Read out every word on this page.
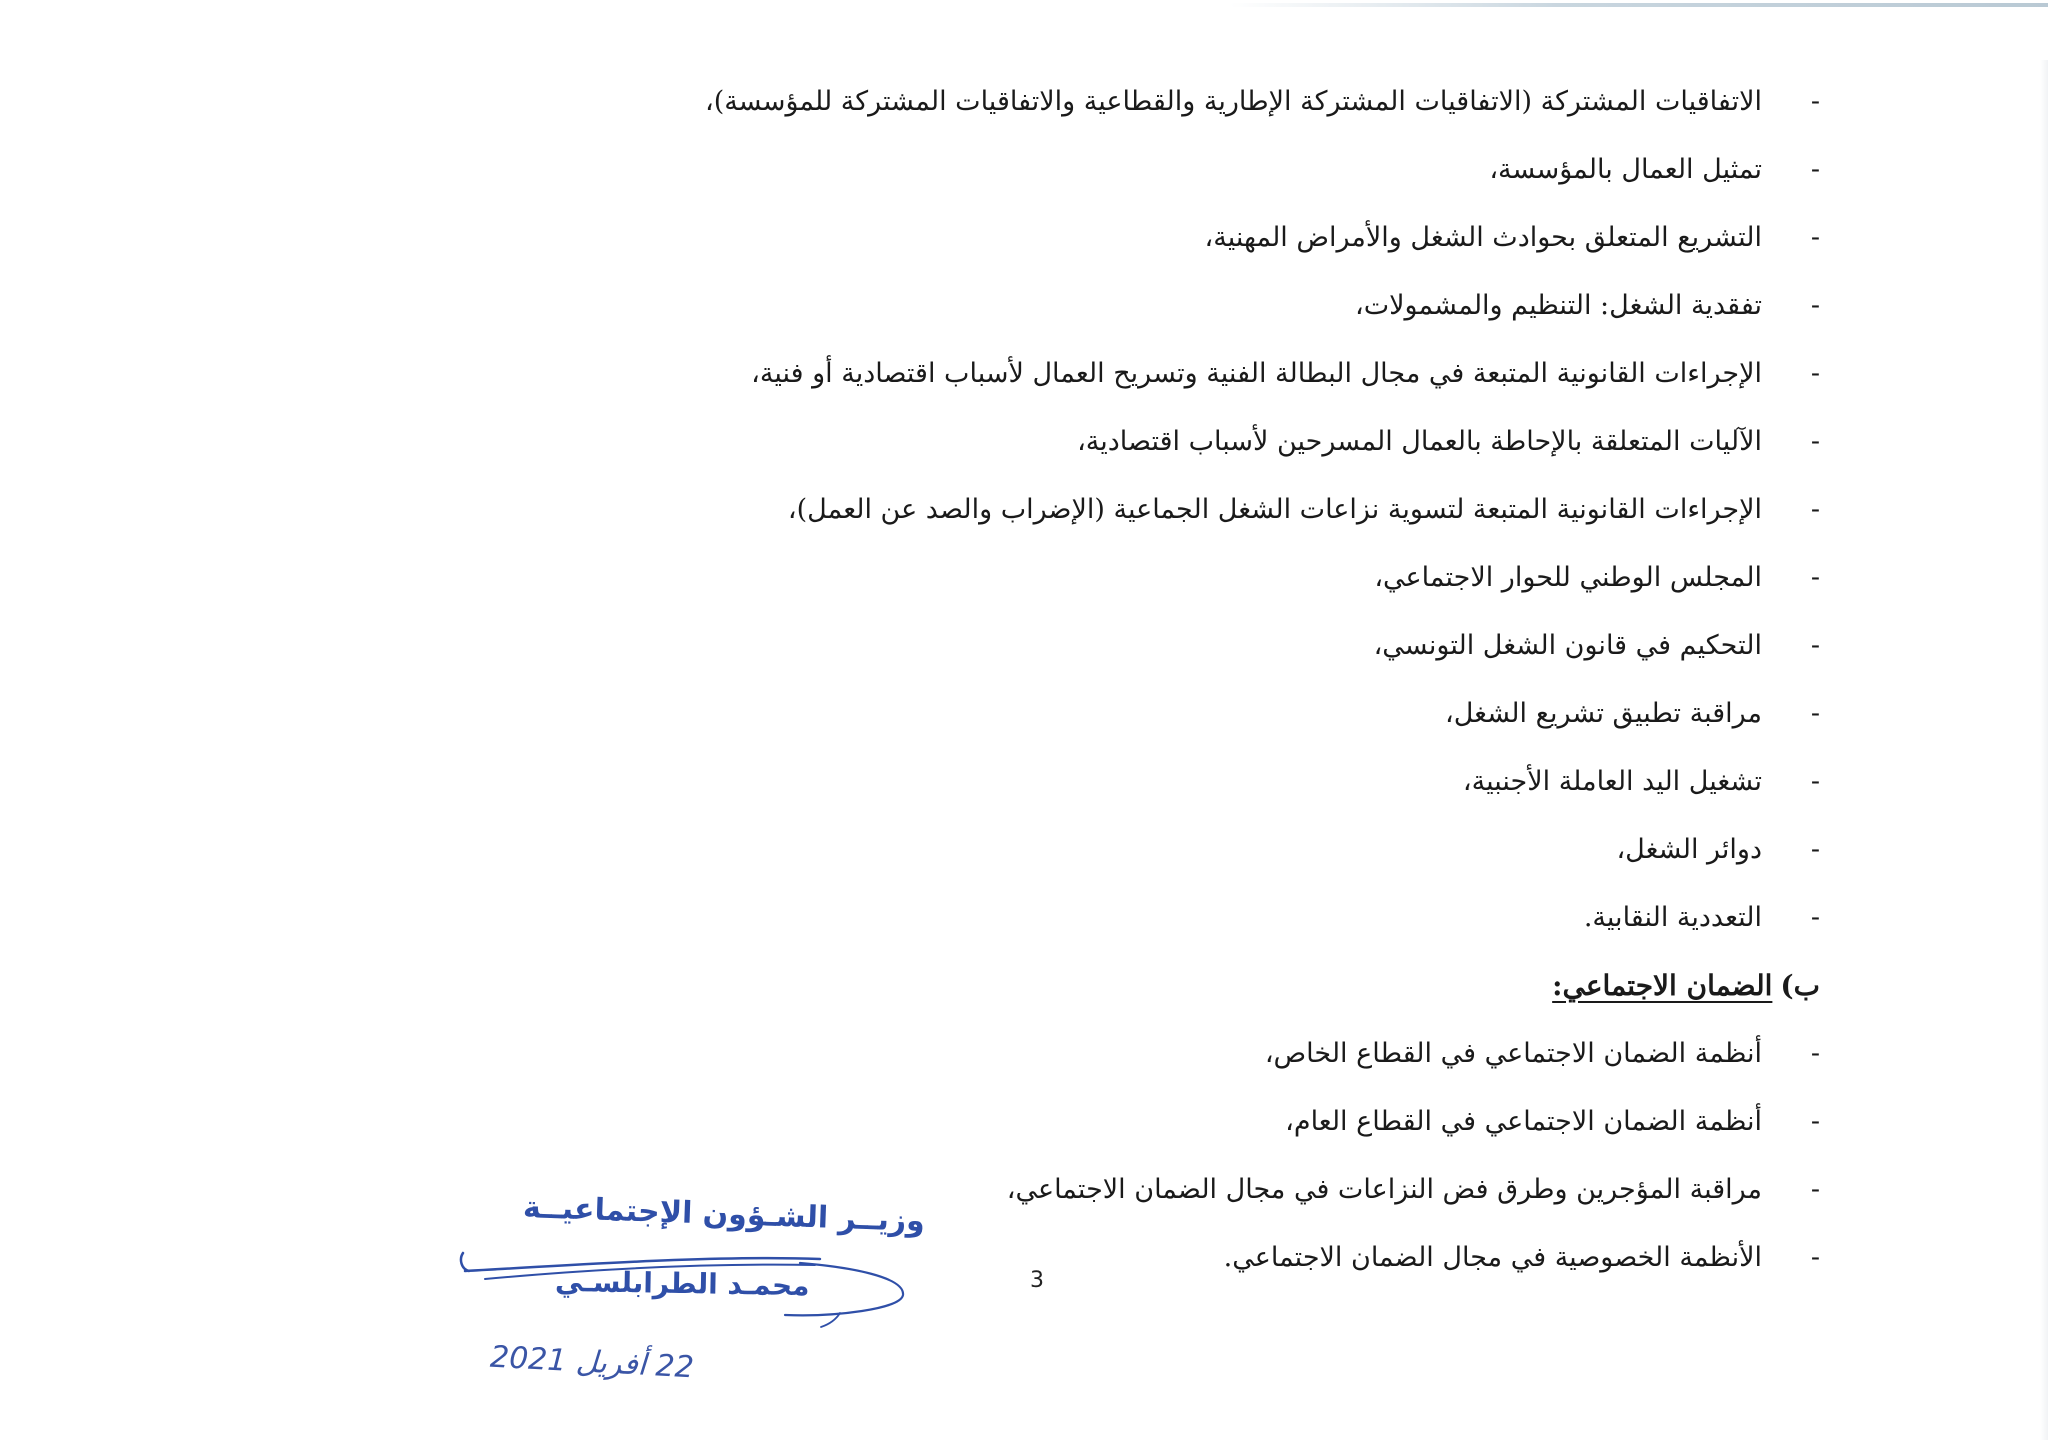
-
الاتفاقيات المشتركة (الاتفاقيات المشتركة الإطارية والقطاعية والاتفاقيات المشتركة للمؤسسة)،
-
تمثيل العمال بالمؤسسة،
-
التشريع المتعلق بحوادث الشغل والأمراض المهنية،
-
تفقدية الشغل: التنظيم والمشمولات،
-
الإجراءات القانونية المتبعة في مجال البطالة الفنية وتسريح العمال لأسباب اقتصادية أو فنية،
-
الآليات المتعلقة بالإحاطة بالعمال المسرحين لأسباب اقتصادية،
-
الإجراءات القانونية المتبعة لتسوية نزاعات الشغل الجماعية (الإضراب والصد عن العمل)،
-
المجلس الوطني للحوار الاجتماعي،
-
التحكيم في قانون الشغل التونسي،
-
مراقبة تطبيق تشريع الشغل،
-
تشغيل اليد العاملة الأجنبية،
-
دوائر الشغل،
-
التعددية النقابية.
ب)الضمان الاجتماعي:
-
أنظمة الضمان الاجتماعي في القطاع الخاص،
-
أنظمة الضمان الاجتماعي في القطاع العام،
-
مراقبة المؤجرين وطرق فض النزاعات في مجال الضمان الاجتماعي،
-
الأنظمة الخصوصية في مجال الضمان الاجتماعي.
3
وزيــر الشـؤون الإجتماعيــة
محمـد الطرابلسـي
22 أفريل 2021
